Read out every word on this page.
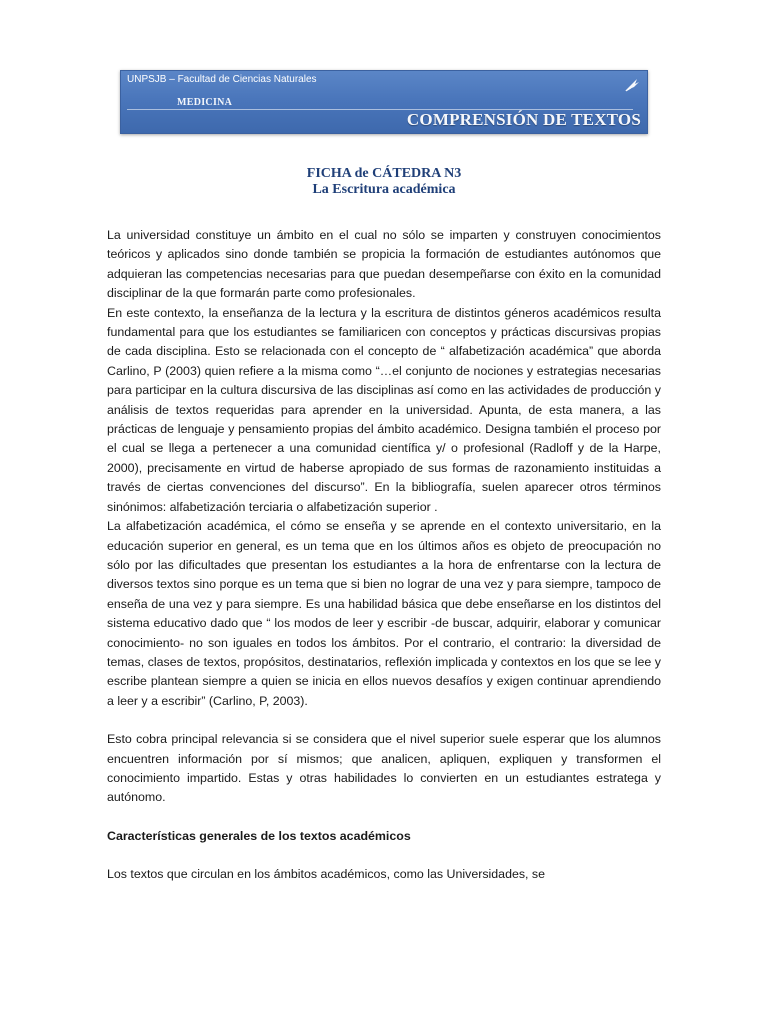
UNPSJB – Facultad de Ciencias Naturales
MEDICINA
COMPRENSIÓN DE TEXTOS
FICHA de CÁTEDRA N3
La Escritura académica

La universidad constituye un ámbito en el cual no sólo se imparten y construyen conocimientos teóricos y aplicados sino donde también se propicia la formación de estudiantes autónomos que adquieran las competencias necesarias para que puedan desempeñarse con éxito en la comunidad disciplinar de la que formarán parte como profesionales.

En este contexto, la enseñanza de la lectura y la escritura de distintos géneros académicos resulta fundamental para que los estudiantes se familiaricen con conceptos y prácticas discursivas propias de cada disciplina. Esto se relacionada con el concepto de “ alfabetización académica” que aborda Carlino, P (2003) quien refiere a la misma como “…el conjunto de nociones y estrategias necesarias para participar en la cultura discursiva de las disciplinas así como en las actividades de producción y análisis de textos requeridas para aprender en la universidad. Apunta, de esta manera, a las prácticas de lenguaje y pensamiento propias del ámbito académico. Designa también el proceso por el cual se llega a pertenecer a una comunidad científica y/ o profesional (Radloff y de la Harpe, 2000), precisamente en virtud de haberse apropiado de sus formas de razonamiento instituidas a través de ciertas convenciones del discurso”. En la bibliografía, suelen aparecer otros términos sinónimos: alfabetización terciaria o alfabetización superior .

La alfabetización académica, el cómo se enseña y se aprende en el contexto universitario, en la educación superior en general, es un tema que en los últimos años es objeto de preocupación no sólo por las dificultades que presentan los estudiantes a la hora de enfrentarse con la lectura de diversos textos sino porque es un tema que si bien no lograr de una vez y para siempre, tampoco de enseña de una vez y para siempre. Es una habilidad básica que debe enseñarse en los distintos del sistema educativo dado que “ los modos de leer y escribir -de buscar, adquirir, elaborar y comunicar conocimiento- no son iguales en todos los ámbitos. Por el contrario, el contrario: la diversidad de temas, clases de textos, propósitos, destinatarios, reflexión implicada y contextos en los que se lee y escribe plantean siempre a quien se inicia en ellos nuevos desafíos y exigen continuar aprendiendo a leer y a escribir” (Carlino, P, 2003).

Esto cobra principal relevancia si se considera que el nivel superior suele esperar que los alumnos encuentren información por sí mismos; que analicen, apliquen, expliquen y transformen el conocimiento impartido. Estas y otras habilidades lo convierten en un estudiantes estratega y autónomo.

Características generales de los textos académicos

Los textos que circulan en los ámbitos académicos, como las Universidades, se
